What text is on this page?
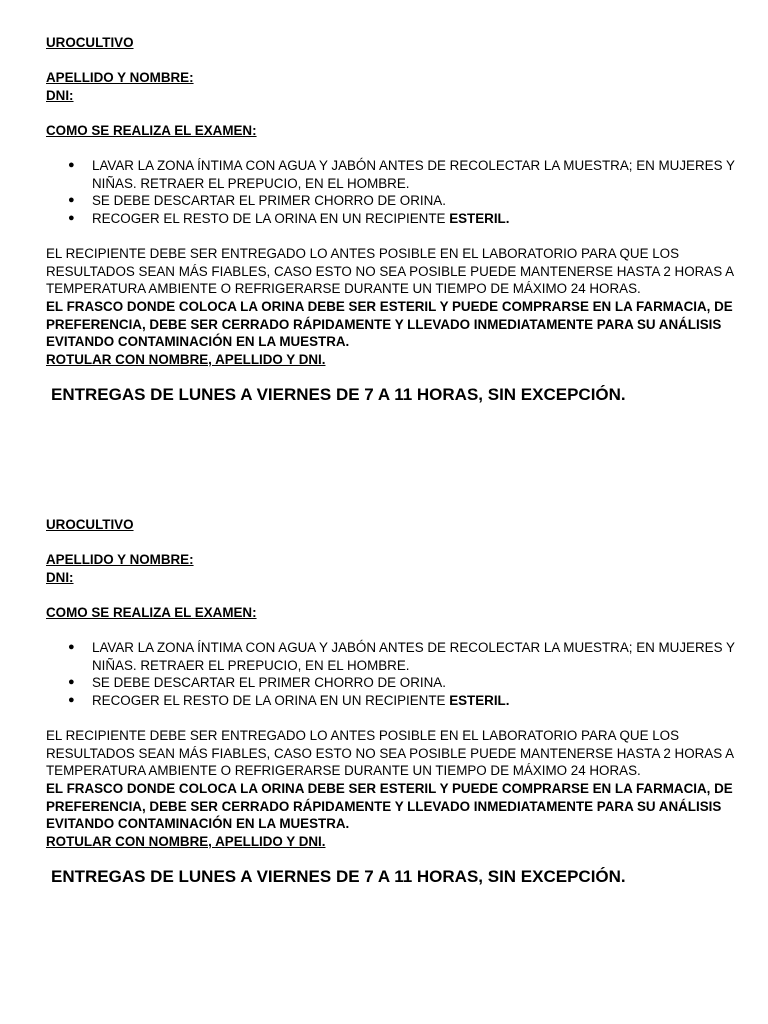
UROCULTIVO

APELLIDO Y NOMBRE:

DNI:

COMO SE REALIZA EL EXAMEN:

● LAVAR LA ZONA ÍNTIMA CON AGUA Y JABÓN ANTES DE RECOLECTAR LA MUESTRA; EN MUJERES Y NIÑAS. RETRAER EL PREPUCIO, EN EL HOMBRE.
● SE DEBE DESCARTAR EL PRIMER CHORRO DE ORINA.
● RECOGER EL RESTO DE LA ORINA EN UN RECIPIENTE ESTERIL.

EL RECIPIENTE DEBE SER ENTREGADO LO ANTES POSIBLE EN EL LABORATORIO PARA QUE LOS RESULTADOS SEAN MÁS FIABLES, CASO ESTO NO SEA POSIBLE PUEDE MANTENERSE HASTA 2 HORAS A TEMPERATURA AMBIENTE O REFRIGERARSE DURANTE UN TIEMPO DE MÁXIMO 24 HORAS.

EL FRASCO DONDE COLOCA LA ORINA DEBE SER ESTERIL Y PUEDE COMPRARSE EN LA FARMACIA, DE PREFERENCIA, DEBE SER CERRADO RÁPIDAMENTE Y LLEVADO INMEDIATAMENTE PARA SU ANÁLISIS EVITANDO CONTAMINACIÓN EN LA MUESTRA.

ROTULAR CON NOMBRE, APELLIDO Y DNI.

ENTREGAS DE LUNES A VIERNES DE 7 A 11 HORAS, SIN EXCEPCIÓN.

UROCULTIVO

APELLIDO Y NOMBRE:

DNI:

COMO SE REALIZA EL EXAMEN:

● LAVAR LA ZONA ÍNTIMA CON AGUA Y JABÓN ANTES DE RECOLECTAR LA MUESTRA; EN MUJERES Y NIÑAS. RETRAER EL PREPUCIO, EN EL HOMBRE.
● SE DEBE DESCARTAR EL PRIMER CHORRO DE ORINA.
● RECOGER EL RESTO DE LA ORINA EN UN RECIPIENTE ESTERIL.

EL RECIPIENTE DEBE SER ENTREGADO LO ANTES POSIBLE EN EL LABORATORIO PARA QUE LOS RESULTADOS SEAN MÁS FIABLES, CASO ESTO NO SEA POSIBLE PUEDE MANTENERSE HASTA 2 HORAS A TEMPERATURA AMBIENTE O REFRIGERARSE DURANTE UN TIEMPO DE MÁXIMO 24 HORAS.

EL FRASCO DONDE COLOCA LA ORINA DEBE SER ESTERIL Y PUEDE COMPRARSE EN LA FARMACIA, DE PREFERENCIA, DEBE SER CERRADO RÁPIDAMENTE Y LLEVADO INMEDIATAMENTE PARA SU ANÁLISIS EVITANDO CONTAMINACIÓN EN LA MUESTRA.

ROTULAR CON NOMBRE, APELLIDO Y DNI.

ENTREGAS DE LUNES A VIERNES DE 7 A 11 HORAS, SIN EXCEPCIÓN.
